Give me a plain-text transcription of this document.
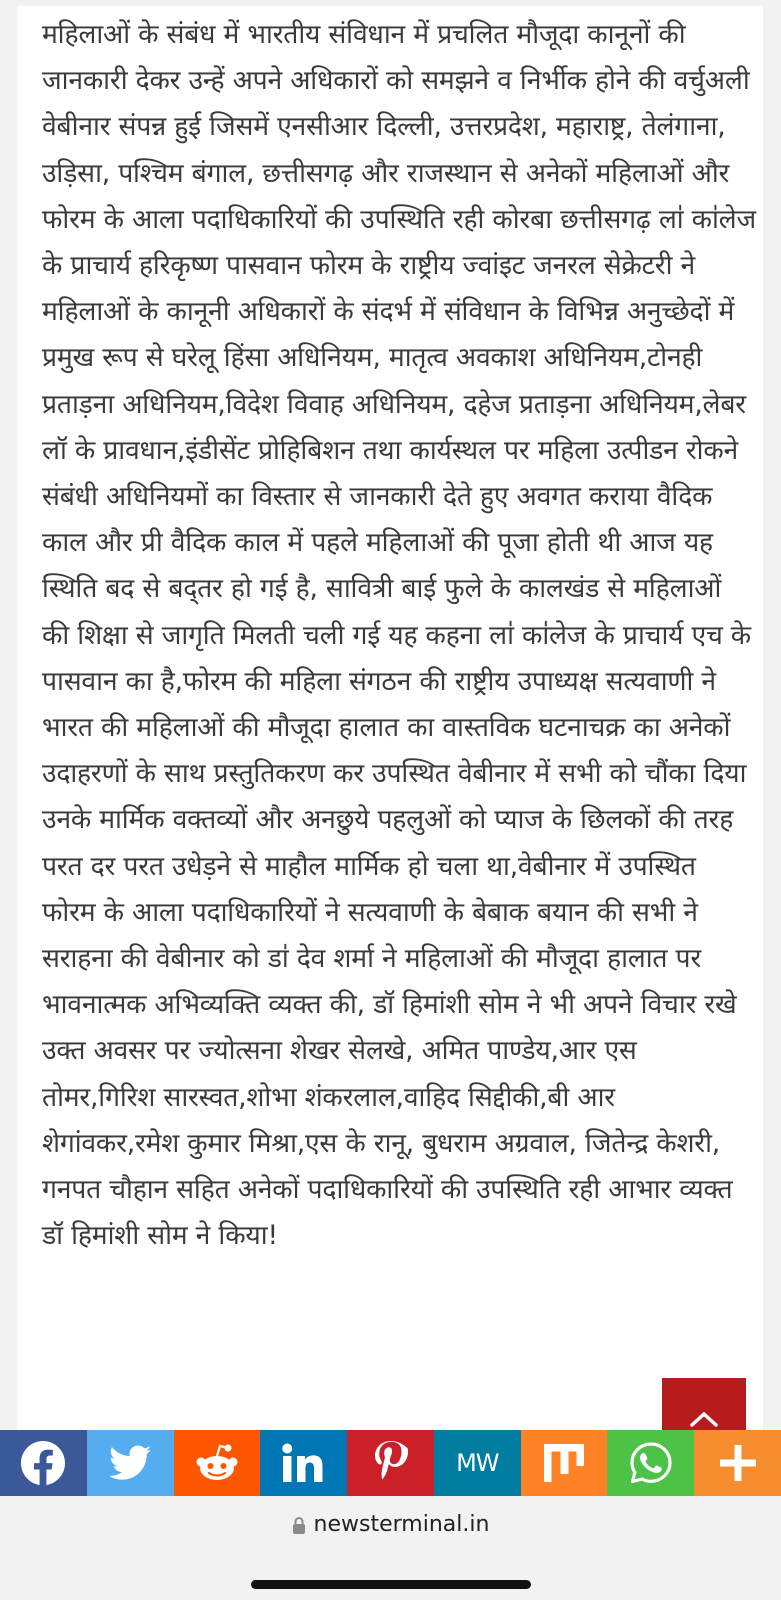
महिलाओं के संबंध में भारतीय संविधान में प्रचलित मौजूदा कानूनों की जानकारी देकर उन्हें अपने अधिकारों को समझने व निर्भीक होने की वर्चुअली वेबीनार संपन्न हुई जिसमें एनसीआर दिल्ली, उत्तरप्रदेश, महाराष्ट्र, तेलंगाना, उड़िसा, पश्चिम बंगाल, छत्तीसगढ़ और राजस्थान से अनेकों महिलाओं और फोरम के आला पदाधिकारियों की उपस्थिति रही कोरबा छत्तीसगढ़ ला॑ का॑लेज के प्राचार्य हरिकृष्ण पासवान फोरम के राष्ट्रीय ज्वांइट जनरल सेक्रेटरी ने महिलाओं के कानूनी अधिकारों के संदर्भ में संविधान के विभिन्न अनुच्छेदों में प्रमुख रूप से घरेलू हिंसा अधिनियम, मातृत्व अवकाश अधिनियम,टोनही प्रताड़ना अधिनियम,विदेश विवाह अधिनियम, दहेज प्रताड़ना अधिनियम,लेबर लॉ के प्रावधान,इंडीसेंट प्रोहिबिशन तथा कार्यस्थल पर महिला उत्पीडन रोकने संबंधी अधिनियमों का विस्तार से जानकारी देते हुए अवगत कराया वैदिक काल और प्री वैदिक काल में पहले महिलाओं की पूजा होती थी आज यह स्थिति बद से बद्तर हो गई है, सावित्री बाई फुले के कालखंड से महिलाओं की शिक्षा से जागृति मिलती चली गई यह कहना ला॑ का॑लेज के प्राचार्य एच के पासवान का है,फोरम की महिला संगठन की राष्ट्रीय उपाध्यक्ष सत्यवाणी ने भारत की महिलाओं की मौजूदा हालात का वास्तविक घटनाचक्र का अनेकों उदाहरणों के साथ प्रस्तुतिकरण कर उपस्थित वेबीनार में सभी को चौंका दिया उनके मार्मिक वक्तव्यों और अनछुये पहलुओं को प्याज के छिलकों की तरह परत दर परत उधेड़ने से माहौल मार्मिक हो चला था,वेबीनार में उपस्थित फोरम के आला पदाधिकारियों ने सत्यवाणी के बेबाक बयान की सभी ने सराहना की वेबीनार को डा॑ देव शर्मा ने महिलाओं की मौजूदा हालात पर भावनात्मक अभिव्यक्ति व्यक्त की, डॉ हिमांशी सोम ने भी अपने विचार रखे उक्त अवसर पर ज्योत्सना शेखर सेलखे, अमित पाण्डेय,आर एस तोमर,गिरिश सारस्वत,शोभा शंकरलाल,वाहिद सिद्दीकी,बी आर शेगांवकर,रमेश कुमार मिश्रा,एस के रानू, बुधराम अग्रवाल, जितेन्द्र केशरी, गनपत चौहान सहित अनेकों पदाधिकारियों की उपस्थिति रही आभार व्यक्त डॉ हिमांशी सोम ने किया!

MW
newsterminal.in
